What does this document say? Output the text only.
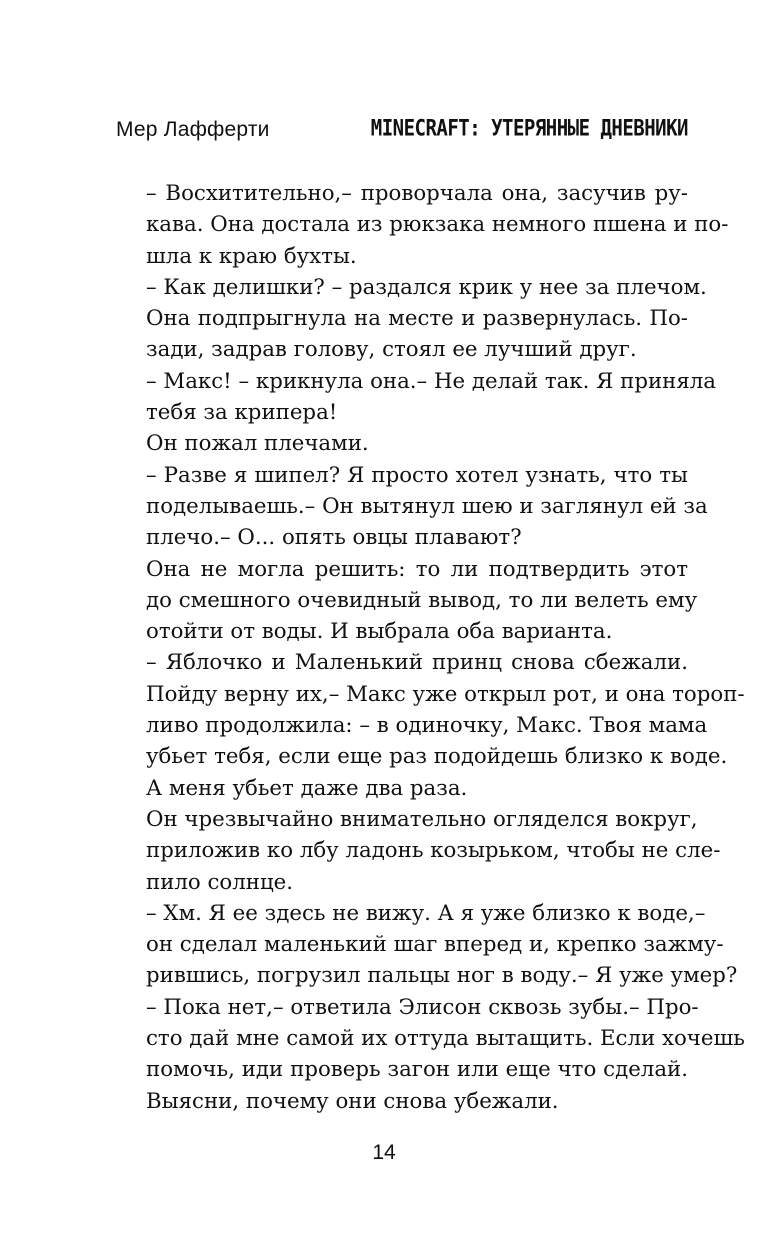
Мер Лафферти	MINECRAFT: УТЕРЯННЫЕ ДНЕВНИКИ

– Восхитительно,– проворчала она, засучив ру-
кава. Она достала из рюкзака немного пшена и по-
шла к краю бухты.

– Как делишки? – раздался крик у нее за плечом.

Она подпрыгнула на месте и развернулась. По-
зади, задрав голову, стоял ее лучший друг.

– Макс! – крикнула она.– Не делай так. Я приняла
тебя за крипера!

Он пожал плечами.

– Разве я шипел? Я просто хотел узнать, что ты
поделываешь.– Он вытянул шею и заглянул ей за
плечо.– О... опять овцы плавают?

Она не могла решить: то ли подтвердить этот
до смешного очевидный вывод, то ли велеть ему
отойти от воды. И выбрала оба варианта.

– Яблочко и Маленький принц снова сбежали.
Пойду верну их,– Макс уже открыл рот, и она тороп-
ливо продолжила: – в одиночку, Макс. Твоя мама
убьет тебя, если еще раз подойдешь близко к воде.
А меня убьет даже два раза.

Он чрезвычайно внимательно огляделся вокруг,
приложив ко лбу ладонь козырьком, чтобы не сле-
пило солнце.

– Хм. Я ее здесь не вижу. А я уже близко к воде,–
он сделал маленький шаг вперед и, крепко зажму-
рившись, погрузил пальцы ног в воду.– Я уже умер?

– Пока нет,– ответила Элисон сквозь зубы.– Про-
сто дай мне самой их оттуда вытащить. Если хочешь
помочь, иди проверь загон или еще что сделай.
Выясни, почему они снова убежали.

14
